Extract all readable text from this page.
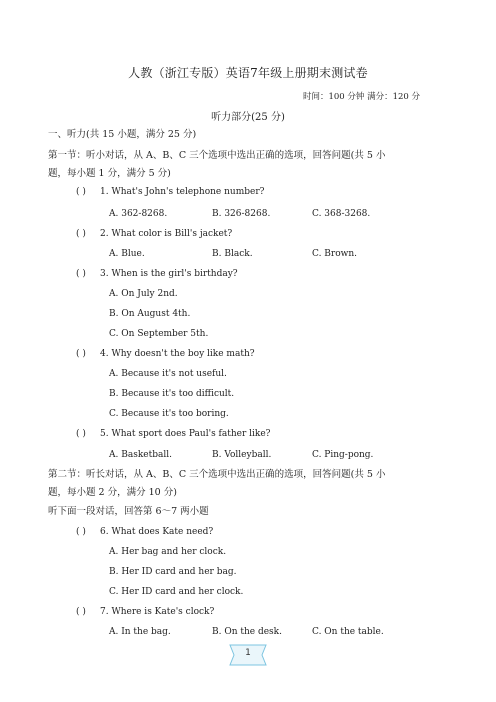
人教（浙江专版）英语7年级上册期末测试卷
时间：100 分钟 满分：120 分
听力部分(25 分)
一、听力(共 15 小题，满分 25 分)
第一节：听小对话，从 A、B、C 三个选项中选出正确的选项，回答问题(共 5 小
题，每小题 1 分，满分 5 分)
( ) 1. What's John's telephone number?
A. 362-8268.	B. 326-8268.	C. 368-3268.
( ) 2. What color is Bill's jacket?
A. Blue.	B. Black.	C. Brown.
( ) 3. When is the girl's birthday?
A. On July 2nd.
B. On August 4th.
C. On September 5th.
( ) 4. Why doesn't the boy like math?
A. Because it's not useful.
B. Because it's too difficult.
C. Because it's too boring.
( ) 5. What sport does Paul's father like?
A. Basketball.	B. Volleyball.	C. Ping-pong.
第二节：听长对话，从 A、B、C 三个选项中选出正确的选项，回答问题(共 5 小
题，每小题 2 分，满分 10 分)
听下面一段对话，回答第 6～7 两小题
( ) 6. What does Kate need?
A. Her bag and her clock.
B. Her ID card and her bag.
C. Her ID card and her clock.
( ) 7. Where is Kate's clock?
A. In the bag.	B. On the desk.	C. On the table.
1
